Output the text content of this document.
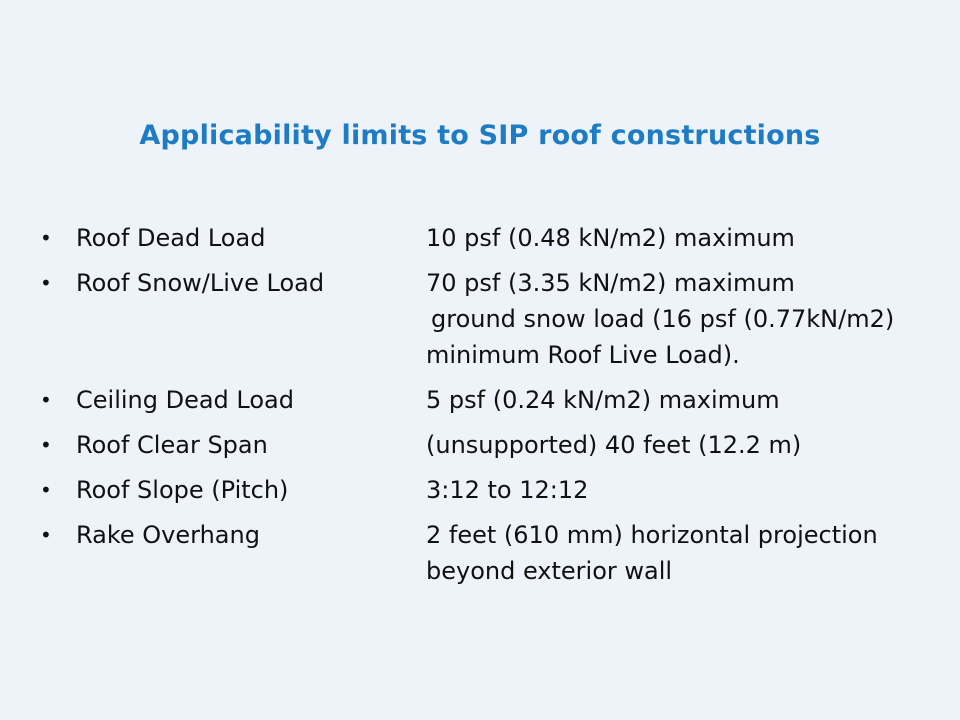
Applicability limits to SIP roof constructions
•	Roof Dead Load	10 psf (0.48 kN/m2) maximum
•	Roof Snow/Live Load	70 psf (3.35 kN/m2) maximum
ground snow load (16 psf (0.77kN/m2)
minimum Roof Live Load).
•	Ceiling Dead Load	5 psf (0.24 kN/m2) maximum
•	Roof Clear Span	(unsupported) 40 feet (12.2 m)
•	Roof Slope (Pitch)	3:12 to 12:12
•	Rake Overhang	2 feet (610 mm) horizontal projection
beyond exterior wall
